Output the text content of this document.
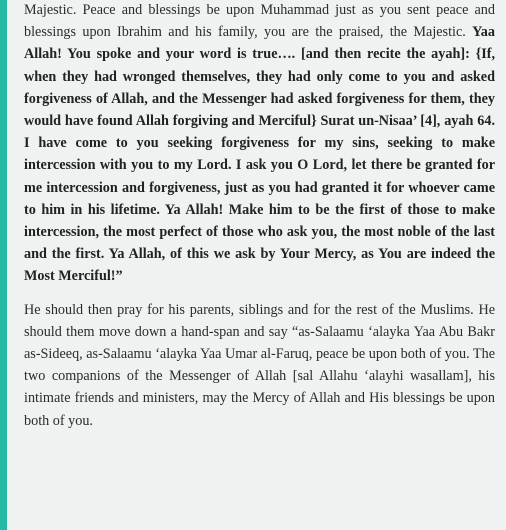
Majestic. Peace and blessings be upon Muhammad just as you sent peace and blessings upon Ibrahim and his family, you are the praised, the Majestic. Yaa Allah! You spoke and your word is true…. [and then recite the ayah]: {If, when they had wronged themselves, they had only come to you and asked forgiveness of Allah, and the Messenger had asked forgiveness for them, they would have found Allah forgiving and Merciful} Surat un-Nisaa’ [4], ayah 64. I have come to you seeking forgiveness for my sins, seeking to make intercession with you to my Lord. I ask you O Lord, let there be granted for me intercession and forgiveness, just as you had granted it for whoever came to him in his lifetime. Ya Allah! Make him to be the first of those to make intercession, the most perfect of those who ask you, the most noble of the last and the first. Ya Allah, of this we ask by Your Mercy, as You are indeed the Most Merciful!”

He should then pray for his parents, siblings and for the rest of the Muslims. He should them move down a hand-span and say “as-Salaamu ‘alayka Yaa Abu Bakr as-Sideeq, as-Salaamu ‘alayka Yaa Umar al-Faruq, peace be upon both of you. The two companions of the Messenger of Allah [sal Allahu ‘alayhi wasallam], his intimate friends and ministers, may the Mercy of Allah and His blessings be upon both of you.
